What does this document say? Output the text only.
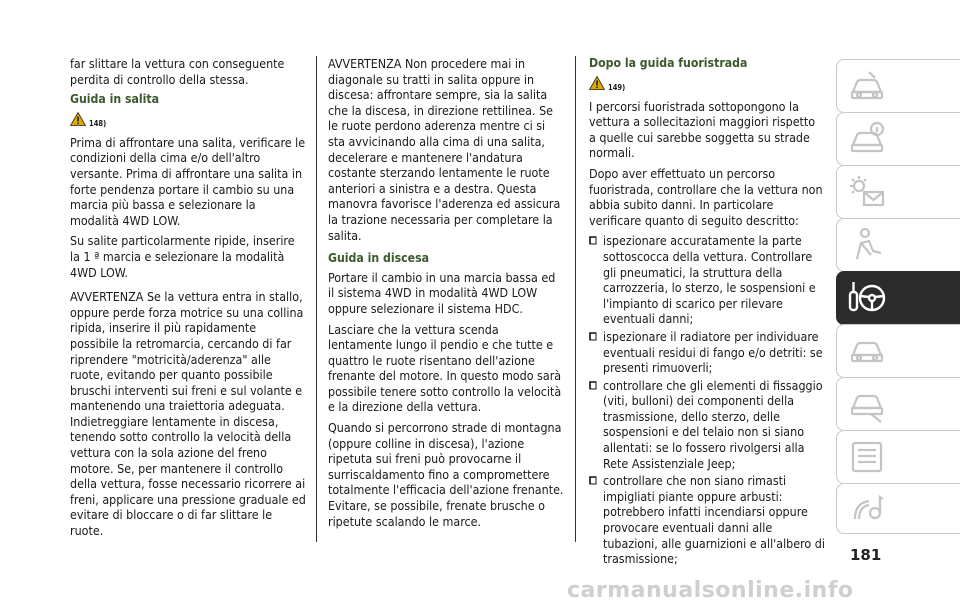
far slittare la vettura con conseguente perdita di controllo della stessa.

Guida in salita
148)

Prima di affrontare una salita, verificare le condizioni della cima e/o dell'altro versante. Prima di affrontare una salita in forte pendenza portare il cambio su una marcia più bassa e selezionare la modalità 4WD LOW.

Su salite particolarmente ripide, inserire la 1 ª marcia e selezionare la modalità 4WD LOW.

AVVERTENZA Se la vettura entra in stallo, oppure perde forza motrice su una collina ripida, inserire il più rapidamente possibile la retromarcia, cercando di far riprendere "motricità/aderenza" alle ruote, evitando per quanto possibile bruschi interventi sui freni e sul volante e mantenendo una traiettoria adeguata. Indietreggiare lentamente in discesa, tenendo sotto controllo la velocità della vettura con la sola azione del freno motore. Se, per mantenere il controllo della vettura, fosse necessario ricorrere ai freni, applicare una pressione graduale ed evitare di bloccare o di far slittare le ruote.

AVVERTENZA Non procedere mai in diagonale su tratti in salita oppure in discesa: affrontare sempre, sia la salita che la discesa, in direzione rettilinea. Se le ruote perdono aderenza mentre ci si sta avvicinando alla cima di una salita, decelerare e mantenere l'andatura costante sterzando lentamente le ruote anteriori a sinistra e a destra. Questa manovra favorisce l'aderenza ed assicura la trazione necessaria per completare la salita.

Guida in discesa

Portare il cambio in una marcia bassa ed il sistema 4WD in modalità 4WD LOW oppure selezionare il sistema HDC.

Lasciare che la vettura scenda lentamente lungo il pendio e che tutte e quattro le ruote risentano dell'azione frenante del motore. In questo modo sarà possibile tenere sotto controllo la velocità e la direzione della vettura.

Quando si percorrono strade di montagna (oppure colline in discesa), l'azione ripetuta sui freni può provocarne il surriscaldamento fino a compromettere totalmente l'efficacia dell'azione frenante. Evitare, se possibile, frenate brusche o ripetute scalando le marce.

Dopo la guida fuoristrada
149)

I percorsi fuoristrada sottopongono la vettura a sollecitazioni maggiori rispetto a quelle cui sarebbe soggetta su strade normali.

Dopo aver effettuato un percorso fuoristrada, controllare che la vettura non abbia subito danni. In particolare verificare quanto di seguito descritto:

ispezionare accuratamente la parte sottoscocca della vettura. Controllare gli pneumatici, la struttura della carrozzeria, lo sterzo, le sospensioni e l'impianto di scarico per rilevare eventuali danni;

ispezionare il radiatore per individuare eventuali residui di fango e/o detriti: se presenti rimuoverli;

controllare che gli elementi di fissaggio (viti, bulloni) dei componenti della trasmissione, dello sterzo, delle sospensioni e del telaio non si siano allentati: se lo fossero rivolgersi alla Rete Assistenziale Jeep;

controllare che non siano rimasti impigliati piante oppure arbusti: potrebbero infatti incendiarsi oppure provocare eventuali danni alle tubazioni, alle guarnizioni e all'albero di trasmissione;	181
carmanualsonline.info
